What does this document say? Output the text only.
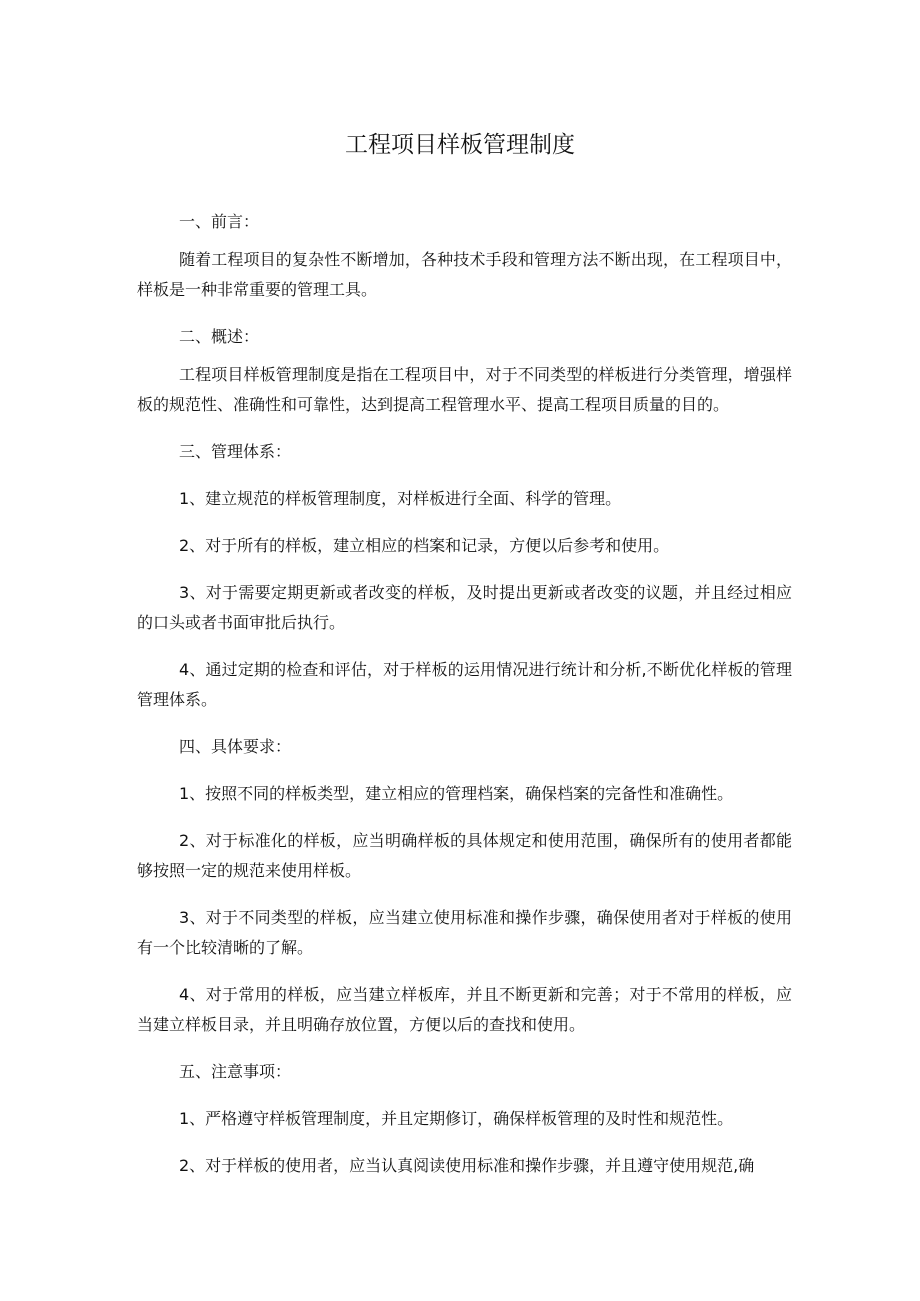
工程项目样板管理制度

一、前言：

随着工程项目的复杂性不断增加，各种技术手段和管理方法不断出现，在工程项目中，样板是一种非常重要的管理工具。

二、概述：

工程项目样板管理制度是指在工程项目中，对于不同类型的样板进行分类管理，增强样板的规范性、准确性和可靠性，达到提高工程管理水平、提高工程项目质量的目的。

三、管理体系：

1、建立规范的样板管理制度，对样板进行全面、科学的管理。

2、对于所有的样板，建立相应的档案和记录，方便以后参考和使用。

3、对于需要定期更新或者改变的样板，及时提出更新或者改变的议题，并且经过相应的口头或者书面审批后执行。

4、通过定期的检查和评估，对于样板的运用情况进行统计和分析,不断优化样板的管理管理体系。

四、具体要求：

1、按照不同的样板类型，建立相应的管理档案，确保档案的完备性和准确性。

2、对于标准化的样板，应当明确样板的具体规定和使用范围，确保所有的使用者都能够按照一定的规范来使用样板。

3、对于不同类型的样板，应当建立使用标准和操作步骤，确保使用者对于样板的使用有一个比较清晰的了解。

4、对于常用的样板，应当建立样板库，并且不断更新和完善；对于不常用的样板，应当建立样板目录，并且明确存放位置，方便以后的查找和使用。

五、注意事项：

1、严格遵守样板管理制度，并且定期修订，确保样板管理的及时性和规范性。

2、对于样板的使用者，应当认真阅读使用标准和操作步骤，并且遵守使用规范,确
